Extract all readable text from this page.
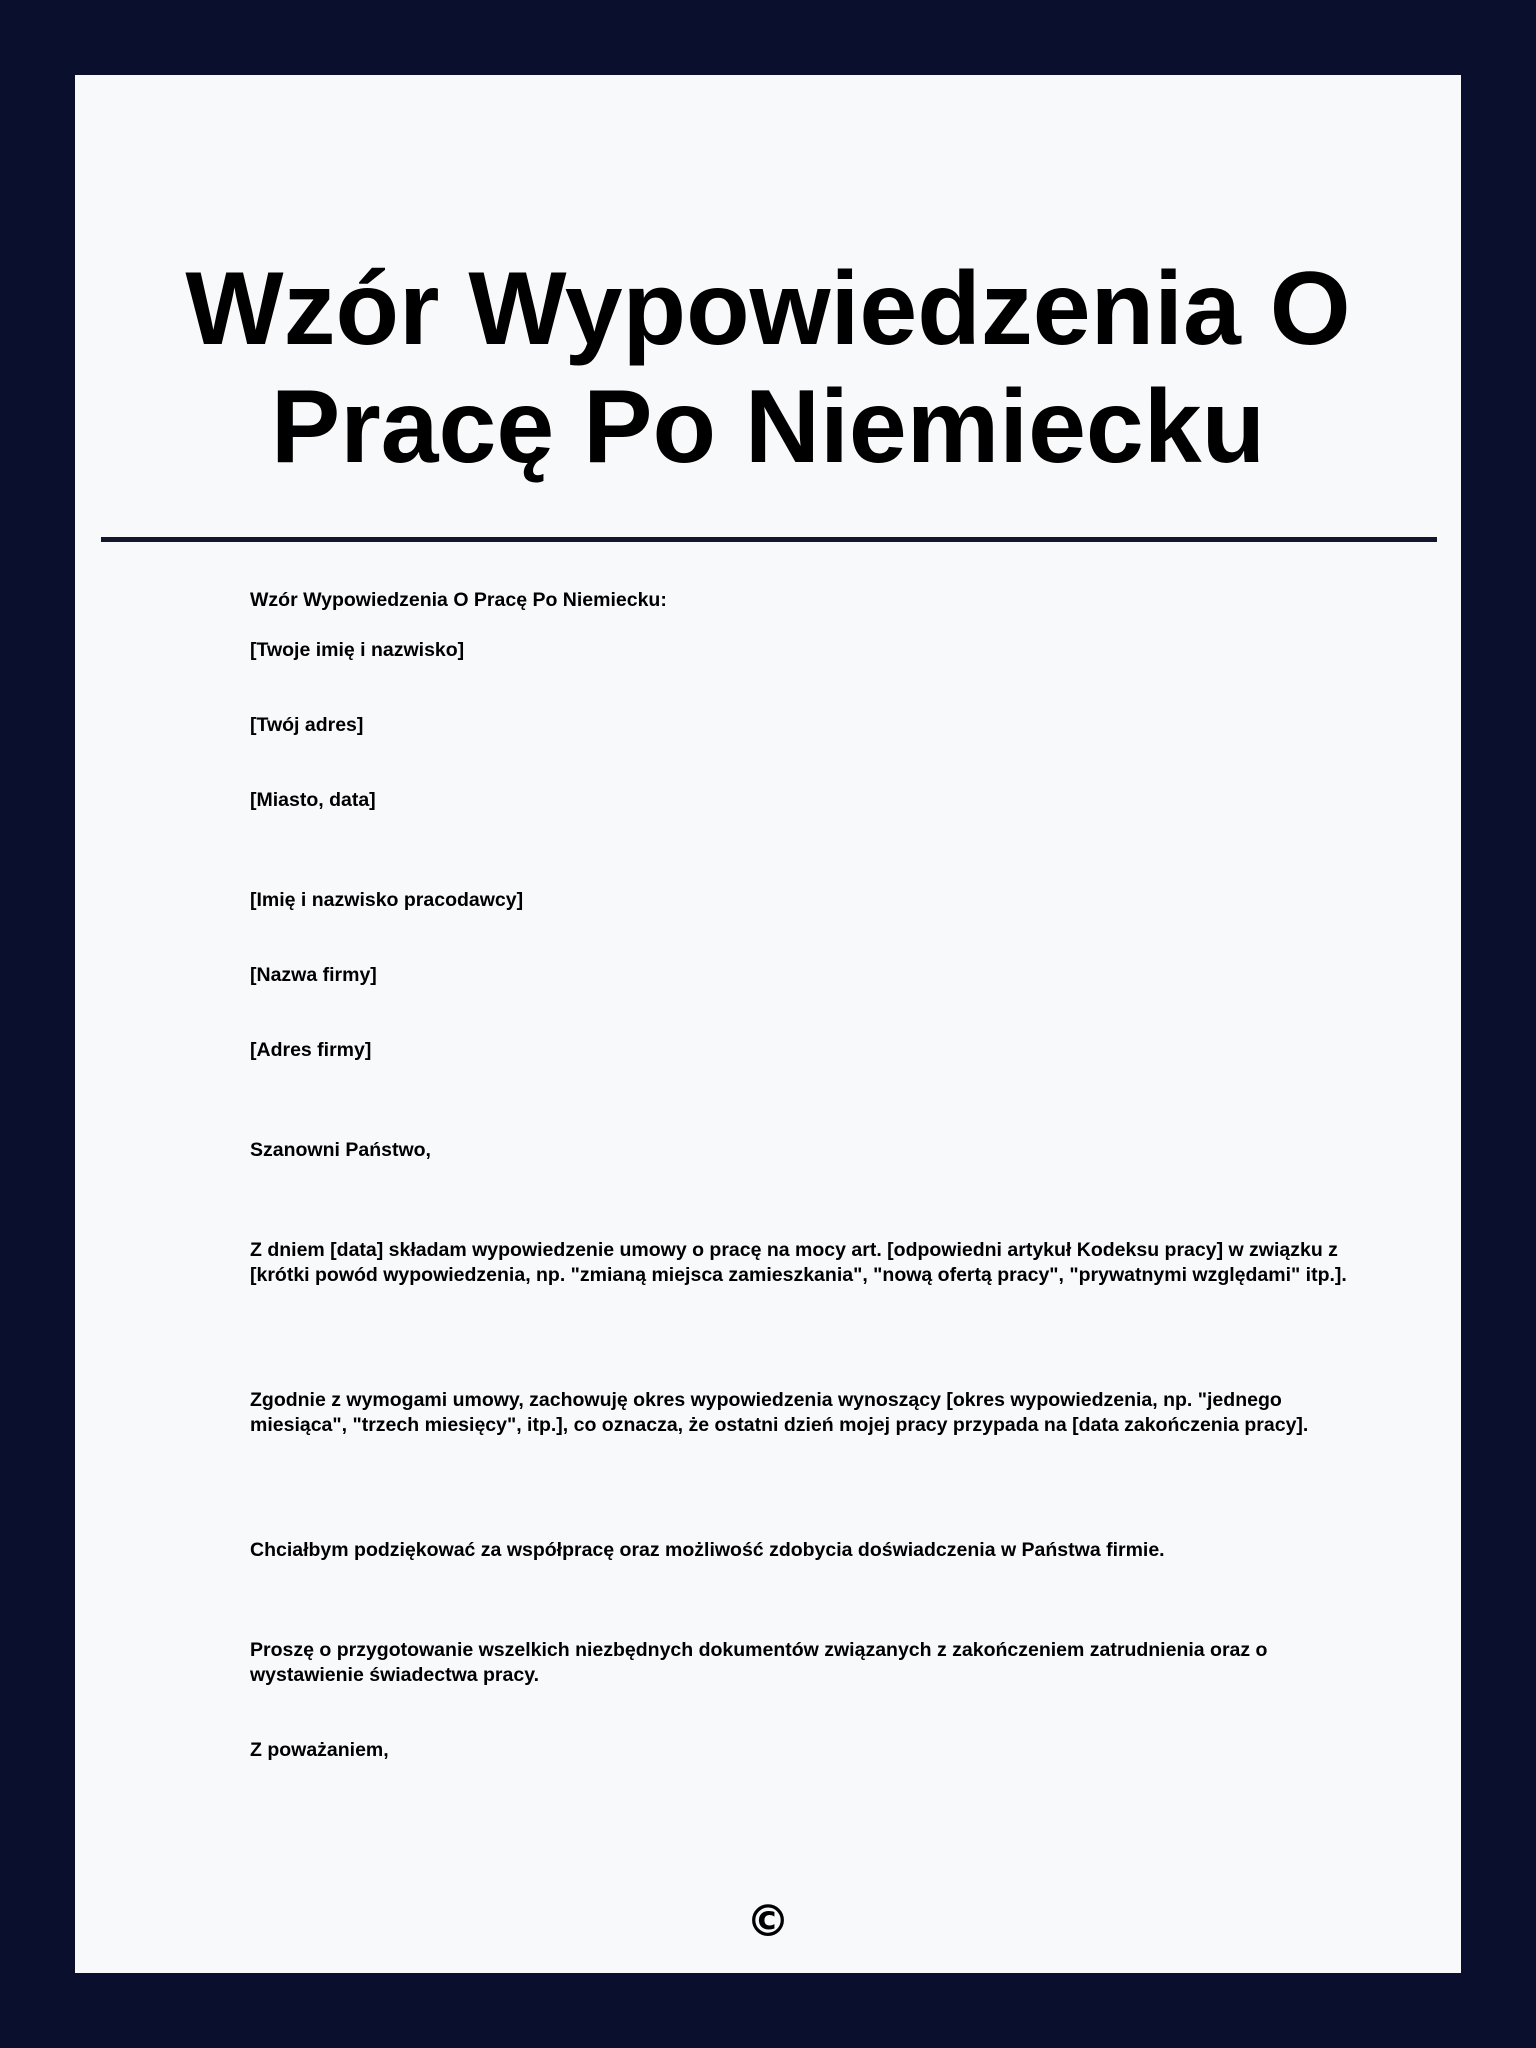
Wzór Wypowiedzenia O Pracę Po Niemiecku

Wzór Wypowiedzenia O Pracę Po Niemiecku:

[Twoje imię i nazwisko]

[Twój adres]

[Miasto, data]

[Imię i nazwisko pracodawcy]

[Nazwa firmy]

[Adres firmy]

Szanowni Państwo,

Z dniem [data] składam wypowiedzenie umowy o pracę na mocy art. [odpowiedni artykuł Kodeksu pracy] w związku z [krótki powód wypowiedzenia, np. "zmianą miejsca zamieszkania", "nową ofertą pracy", "prywatnymi względami" itp.].

Zgodnie z wymogami umowy, zachowuję okres wypowiedzenia wynoszący [okres wypowiedzenia, np. "jednego miesiąca", "trzech miesięcy", itp.], co oznacza, że ostatni dzień mojej pracy przypada na [data zakończenia pracy].

Chciałbym podziękować za współpracę oraz możliwość zdobycia doświadczenia w Państwa firmie.

Proszę o przygotowanie wszelkich niezbędnych dokumentów związanych z zakończeniem zatrudnienia oraz o wystawienie świadectwa pracy.

Z poważaniem,

©
